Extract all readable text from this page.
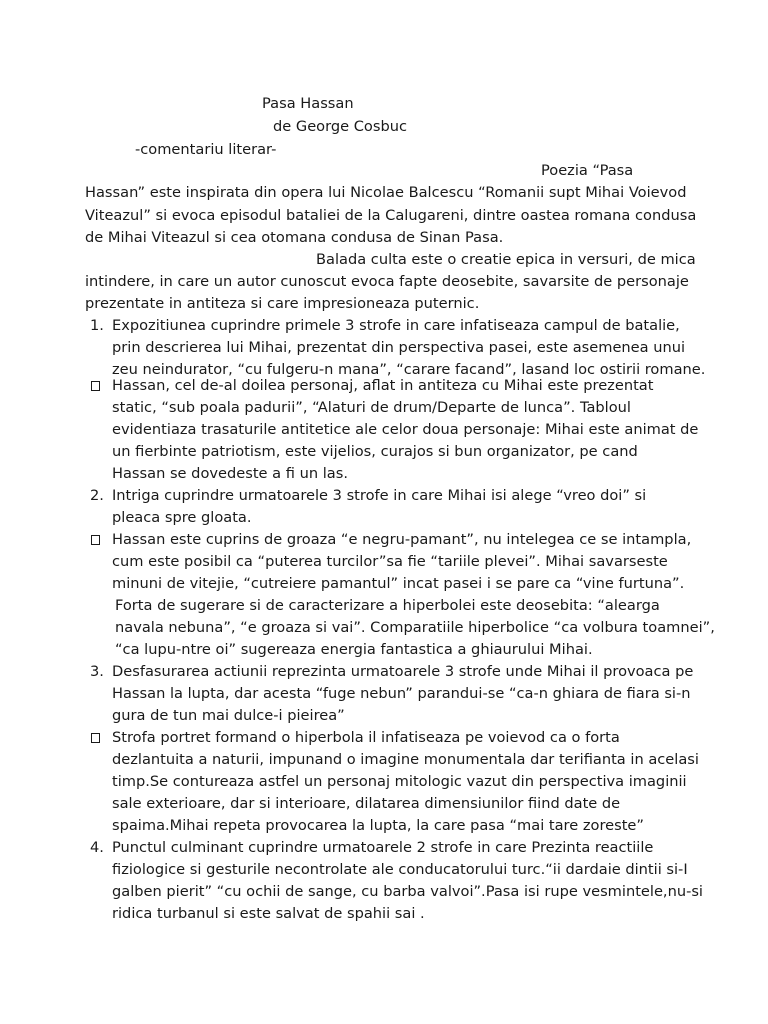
Pasa Hassan
de George Cosbuc
-comentariu literar-
Poezia “Pasa
Hassan” este inspirata din opera lui Nicolae Balcescu “Romanii supt Mihai Voievod
Viteazul” si evoca episodul bataliei de la Calugareni, dintre oastea romana condusa
de Mihai Viteazul si cea otomana condusa de Sinan Pasa.
Balada culta este o creatie epica in versuri, de mica
intindere, in care un autor cunoscut evoca fapte deosebite, savarsite de personaje
prezentate in antiteza si care impresioneaza puternic.
1. Expozitiunea cuprindre primele 3 strofe in care infatiseaza campul de batalie,
prin descrierea lui Mihai, prezentat din perspectiva pasei, este asemenea unui
zeu neindurator, “cu fulgeru-n mana”, “carare facand”, lasand loc ostirii romane.
Hassan, cel de-al doilea personaj, aflat in antiteza cu Mihai este prezentat
static, “sub poala padurii”, “Alaturi de drum/Departe de lunca”. Tabloul
evidentiaza trasaturile antitetice ale celor doua personaje: Mihai este animat de
un fierbinte patriotism, este vijelios, curajos si bun organizator, pe cand
Hassan se dovedeste a fi un las.
2. Intriga cuprindre urmatoarele 3 strofe in care Mihai isi alege “vreo doi” si
pleaca spre gloata.
Hassan este cuprins de groaza “e negru-pamant”, nu intelegea ce se intampla,
cum este posibil ca “puterea turcilor”sa fie “tariile plevei”. Mihai savarseste
minuni de vitejie, “cutreiere pamantul” incat pasei i se pare ca “vine furtuna”.
Forta de sugerare si de caracterizare a hiperbolei este deosebita: “alearga
navala nebuna”, “e groaza si vai”. Comparatiile hiperbolice “ca volbura toamnei”,
“ca lupu-ntre oi” sugereaza energia fantastica a ghiaurului Mihai.
3. Desfasurarea actiunii reprezinta urmatoarele 3 strofe unde Mihai il provoaca pe
Hassan la lupta, dar acesta “fuge nebun” parandui-se “ca-n ghiara de fiara si-n
gura de tun mai dulce-i pieirea”
Strofa portret formand o hiperbola il infatiseaza pe voievod ca o forta
dezlantuita a naturii, impunand o imagine monumentala dar terifianta in acelasi
timp.Se contureaza astfel un personaj mitologic vazut din perspectiva imaginii
sale exterioare, dar si interioare, dilatarea dimensiunilor fiind date de
spaima.Mihai repeta provocarea la lupta, la care pasa “mai tare zoreste”
4. Punctul culminant cuprindre urmatoarele 2 strofe in care Prezinta reactiile
fiziologice si gesturile necontrolate ale conducatorului turc.“ii dardaie dintii si-I
galben pierit” “cu ochii de sange, cu barba valvoi”.Pasa isi rupe vesmintele,nu-si
ridica turbanul si este salvat de spahii sai .
